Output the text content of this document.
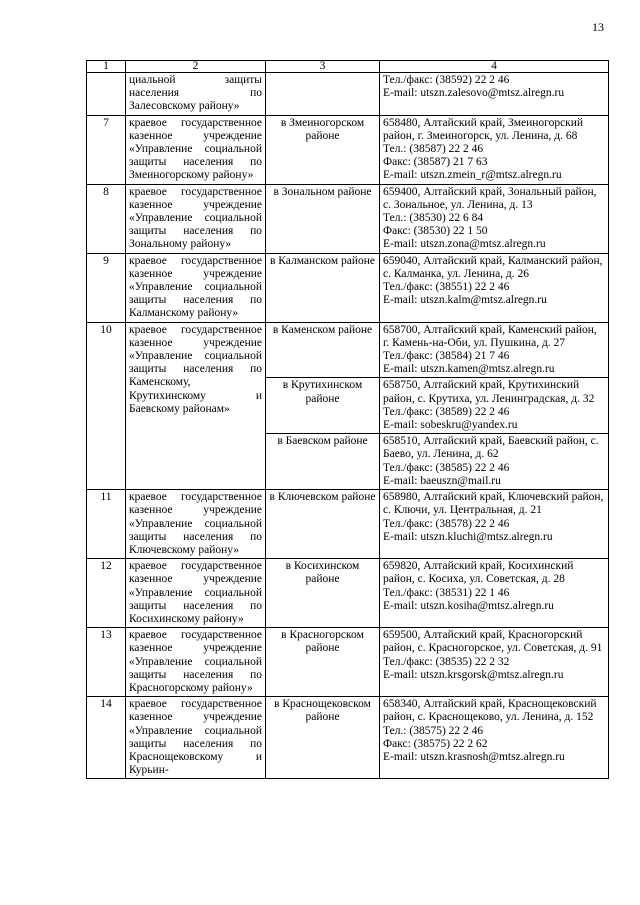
13
1	2	3	4
	циальной защиты населения по Залесовскому району»		Тел./факс: (38592) 22 2 46
E-mail: utszn.zalesovo@mtsz.alregn.ru
7	краевое государственное казенное учреждение «Управление социальной защиты населения по Змеиногорскому району»	в Змеиногорском районе	658480, Алтайский край, Змеиногорский район, г. Змеиногорск, ул. Ленина, д. 68
Тел.: (38587) 22 2 46
Факс: (38587) 21 7 63
E-mail: utszn.zmein_r@mtsz.alregn.ru
8	краевое государственное казенное учреждение «Управление социальной защиты населения по Зональному району»	в Зональном районе	659400, Алтайский край, Зональный район, с. Зональное, ул. Ленина, д. 13
Тел.: (38530) 22 6 84
Факс: (38530) 22 1 50
E-mail: utszn.zona@mtsz.alregn.ru
9	краевое государственное казенное учреждение «Управление социальной защиты населения по Калманскому району»	в Калманском районе	659040, Алтайский край, Калманский район, с. Калманка, ул. Ленина, д. 26
Тел./факс: (38551) 22 2 46
E-mail: utszn.kalm@mtsz.alregn.ru
10	краевое государственное казенное учреждение «Управление социальной защиты населения по Каменскому, Крутихинскому и Баевскому районам»	в Каменском районе	658700, Алтайский край, Каменский район, г. Камень-на-Оби, ул. Пушкина, д. 27
Тел./факс: (38584) 21 7 46
E-mail: utszn.kamen@mtsz.alregn.ru
		в Крутихинском районе	658750, Алтайский край, Крутихинский район, с. Крутиха, ул. Ленинградская, д. 32
Тел./факс: (38589) 22 2 46
E-mail: sobeskru@yandex.ru
		в Баевском районе	658510, Алтайский край, Баевский район, с. Баево, ул. Ленина, д. 62
Тел./факс: (38585) 22 2 46
E-mail: baeuszn@mail.ru
11	краевое государственное казенное учреждение «Управление социальной защиты населения по Ключевскому району»	в Ключевском районе	658980, Алтайский край, Ключевский район, с. Ключи, ул. Центральная, д. 21
Тел./факс: (38578) 22 2 46
E-mail: utszn.kluchi@mtsz.alregn.ru
12	краевое государственное казенное учреждение «Управление социальной защиты населения по Косихинскому району»	в Косихинском районе	659820, Алтайский край, Косихинский район, с. Косиха, ул. Советская, д. 28
Тел./факс: (38531) 22 1 46
E-mail: utszn.kosiha@mtsz.alregn.ru
13	краевое государственное казенное учреждение «Управление социальной защиты населения по Красногорскому району»	в Красногорском районе	659500, Алтайский край, Красногорский район, с. Красногорское, ул. Советская, д. 91
Тел./факс: (38535) 22 2 32
E-mail: utszn.krsgorsk@mtsz.alregn.ru
14	краевое государственное казенное учреждение «Управление социальной защиты населения по Краснощековскому и Курьин-	в Краснощековском районе	658340, Алтайский край, Краснощековский район, с. Краснощеково, ул. Ленина, д. 152
Тел.: (38575) 22 2 46
Факс: (38575) 22 2 62
E-mail: utszn.krasnosh@mtsz.alregn.ru
